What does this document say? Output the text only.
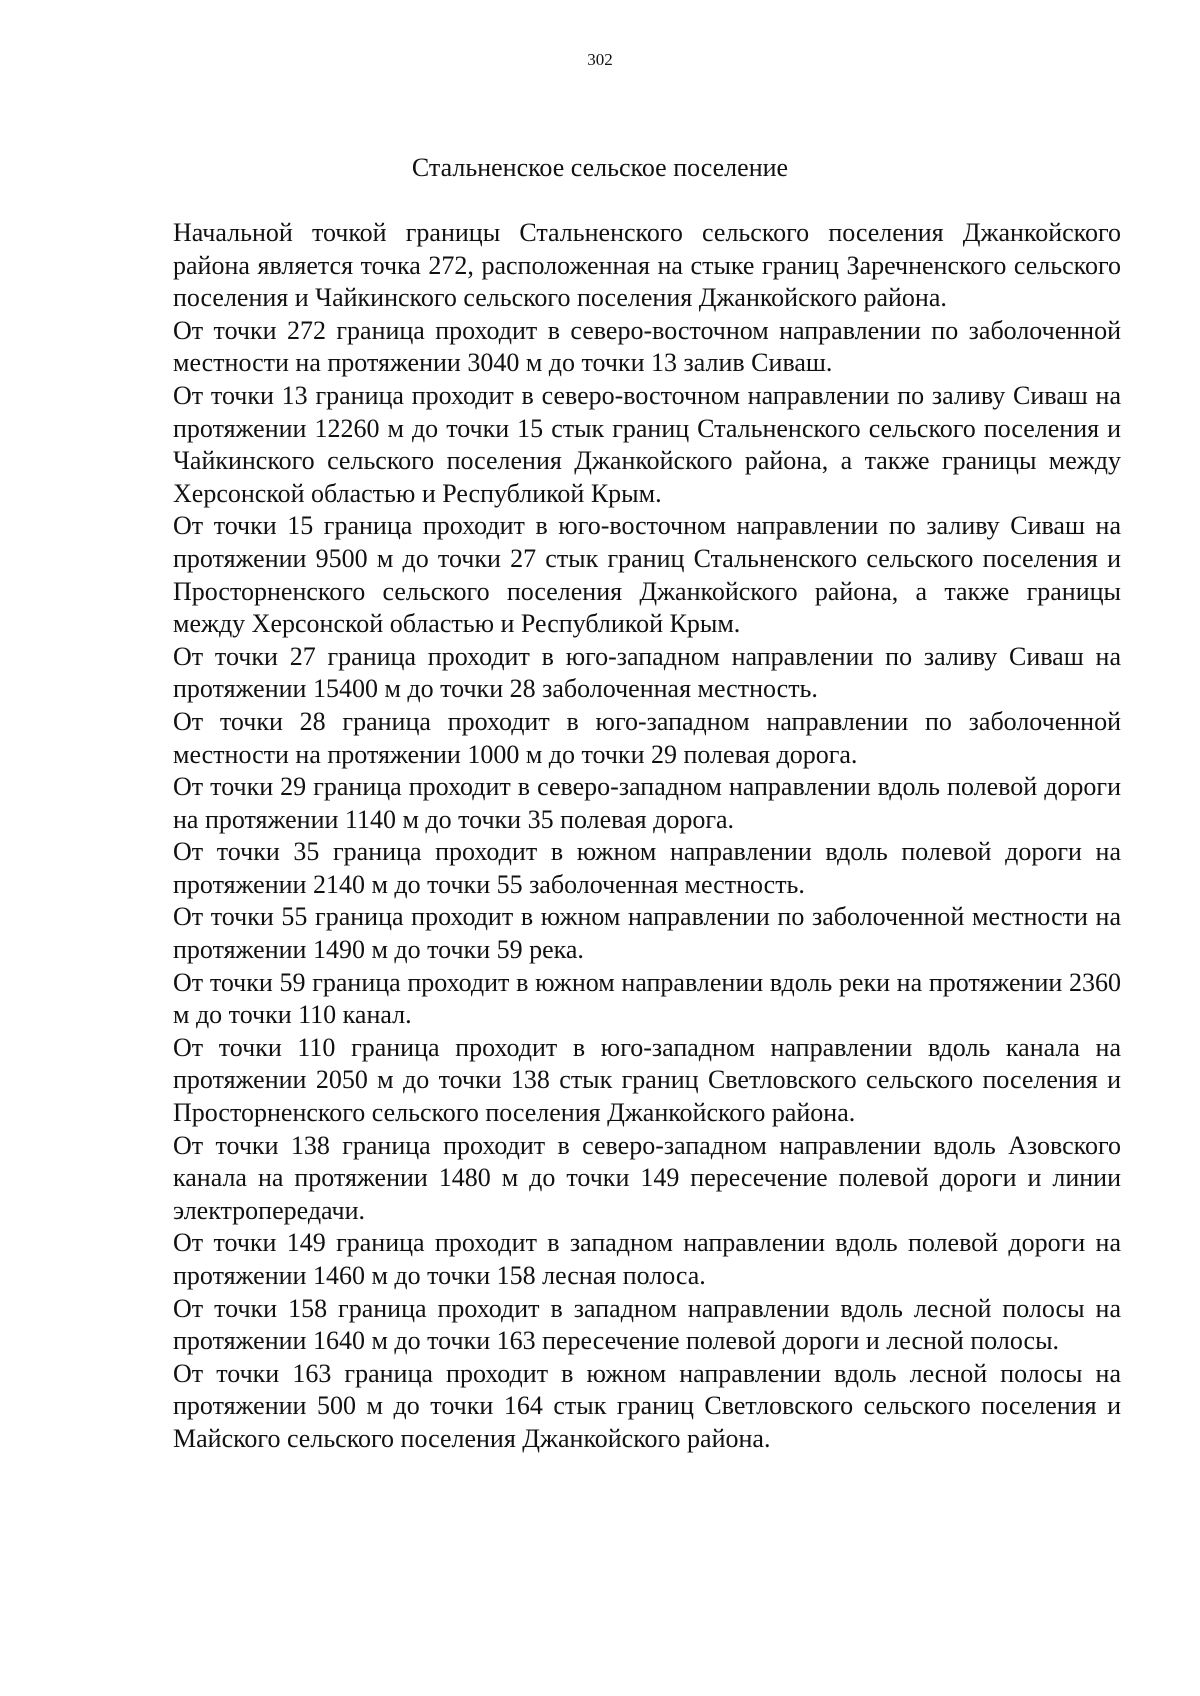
302
Стальненское сельское поселение

Начальной точкой границы Стальненского сельского поселения Джанкойского района является точка 272, расположенная на стыке границ Заречненского сельского поселения и Чайкинского сельского поселения Джанкойского района.

От точки 272 граница проходит в северо-восточном направлении по заболоченной местности на протяжении 3040 м до точки 13 залив Сиваш.

От точки 13 граница проходит в северо-восточном направлении по заливу Сиваш на протяжении 12260 м до точки 15 стык границ Стальненского сельского поселения и Чайкинского сельского поселения Джанкойского района, а также границы между Херсонской областью и Республикой Крым.

От точки 15 граница проходит в юго-восточном направлении по заливу Сиваш на протяжении 9500 м до точки 27 стык границ Стальненского сельского поселения и Просторненского сельского поселения Джанкойского района, а также границы между Херсонской областью и Республикой Крым.

От точки 27 граница проходит в юго-западном направлении по заливу Сиваш на протяжении 15400 м до точки 28 заболоченная местность.

От точки 28 граница проходит в юго-западном направлении по заболоченной местности на протяжении 1000 м до точки 29 полевая дорога.

От точки 29 граница проходит в северо-западном направлении вдоль полевой дороги на протяжении 1140 м до точки 35 полевая дорога.

От точки 35 граница проходит в южном направлении вдоль полевой дороги на протяжении 2140 м до точки 55 заболоченная местность.

От точки 55 граница проходит в южном направлении по заболоченной местности на протяжении 1490 м до точки 59 река.

От точки 59 граница проходит в южном направлении вдоль реки на протяжении 2360 м до точки 110 канал.

От точки 110 граница проходит в юго-западном направлении вдоль канала на протяжении 2050 м до точки 138 стык границ Светловского сельского поселения и Просторненского сельского поселения Джанкойского района.

От точки 138 граница проходит в северо-западном направлении вдоль Азовского канала на протяжении 1480 м до точки 149 пересечение полевой дороги и линии электропередачи.

От точки 149 граница проходит в западном направлении вдоль полевой дороги на протяжении 1460 м до точки 158 лесная полоса.

От точки 158 граница проходит в западном направлении вдоль лесной полосы на протяжении 1640 м до точки 163 пересечение полевой дороги и лесной полосы.

От точки 163 граница проходит в южном направлении вдоль лесной полосы на протяжении 500 м до точки 164 стык границ Светловского сельского поселения и Майского сельского поселения Джанкойского района.
